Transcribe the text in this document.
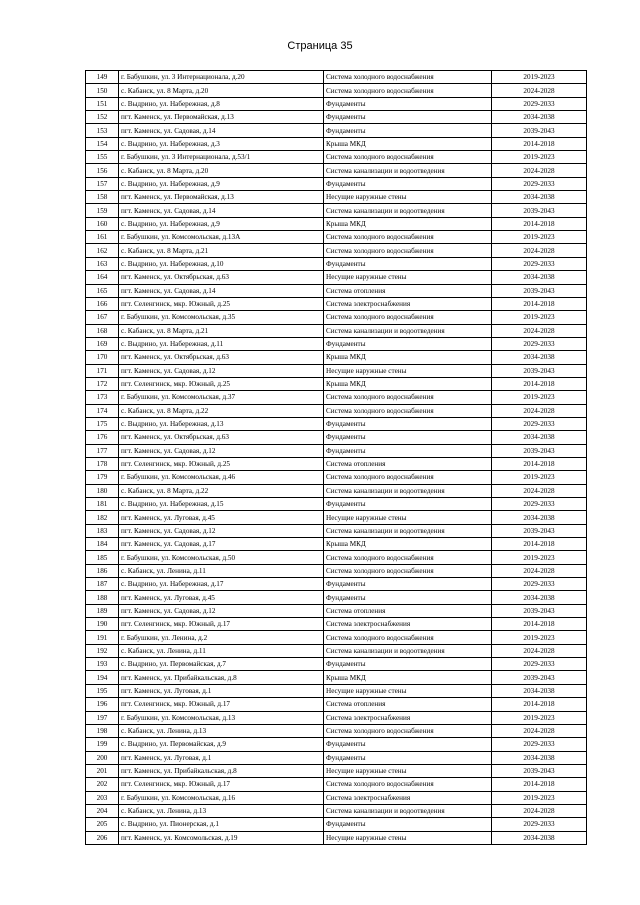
Страница 35
149	г. Бабушкин, ул. 3 Интернационала, д.20	Система холодного водоснабжения	2019-2023
150	с. Кабанск, ул. 8 Марта, д.20	Система холодного водоснабжения	2024-2028
151	с. Выдрино, ул. Набережная, д.8	Фундаменты	2029-2033
152	пгт. Каменск, ул. Первомайская, д.13	Фундаменты	2034-2038
153	пгт. Каменск, ул. Садовая, д.14	Фундаменты	2039-2043
154	с. Выдрино, ул. Набережная, д.3	Крыша МКД	2014-2018
155	г. Бабушкин, ул. 3 Интернационала, д.53/1	Система холодного водоснабжения	2019-2023
156	с. Кабанск, ул. 8 Марта, д.20	Система канализации и водоотведения	2024-2028
157	с. Выдрино, ул. Набережная, д.9	Фундаменты	2029-2033
158	пгт. Каменск, ул. Первомайская, д.13	Несущие наружные стены	2034-2038
159	пгт. Каменск, ул. Садовая, д.14	Система канализации и водоотведения	2039-2043
160	с. Выдрино, ул. Набережная, д.9	Крыша МКД	2014-2018
161	г. Бабушкин, ул. Комсомольская, д.13А	Система холодного водоснабжения	2019-2023
162	с. Кабанск, ул. 8 Марта, д.21	Система холодного водоснабжения	2024-2028
163	с. Выдрино, ул. Набережная, д.10	Фундаменты	2029-2033
164	пгт. Каменск, ул. Октябрьская, д.63	Несущие наружные стены	2034-2038
165	пгт. Каменск, ул. Садовая, д.14	Система отопления	2039-2043
166	пгт. Селенгинск, мкр. Южный, д.25	Система электроснабжения	2014-2018
167	г. Бабушкин, ул. Комсомольская, д.35	Система холодного водоснабжения	2019-2023
168	с. Кабанск, ул. 8 Марта, д.21	Система канализации и водоотведения	2024-2028
169	с. Выдрино, ул. Набережная, д.11	Фундаменты	2029-2033
170	пгт. Каменск, ул. Октябрьская, д.63	Крыша МКД	2034-2038
171	пгт. Каменск, ул. Садовая, д.12	Несущие наружные стены	2039-2043
172	пгт. Селенгинск, мкр. Южный, д.25	Крыша МКД	2014-2018
173	г. Бабушкин, ул. Комсомольская, д.37	Система холодного водоснабжения	2019-2023
174	с. Кабанск, ул. 8 Марта, д.22	Система холодного водоснабжения	2024-2028
175	с. Выдрино, ул. Набережная, д.13	Фундаменты	2029-2033
176	пгт. Каменск, ул. Октябрьская, д.63	Фундаменты	2034-2038
177	пгт. Каменск, ул. Садовая, д.12	Фундаменты	2039-2043
178	пгт. Селенгинск, мкр. Южный, д.25	Система отопления	2014-2018
179	г. Бабушкин, ул. Комсомольская, д.46	Система холодного водоснабжения	2019-2023
180	с. Кабанск, ул. 8 Марта, д.22	Система канализации и водоотведения	2024-2028
181	с. Выдрино, ул. Набережная, д.15	Фундаменты	2029-2033
182	пгт. Каменск, ул. Луговая, д.45	Несущие наружные стены	2034-2038
183	пгт. Каменск, ул. Садовая, д.12	Система канализации и водоотведения	2039-2043
184	пгт. Каменск, ул. Садовая, д.17	Крыша МКД	2014-2018
185	г. Бабушкин, ул. Комсомольская, д.50	Система холодного водоснабжения	2019-2023
186	с. Кабанск, ул. Ленина, д.11	Система холодного водоснабжения	2024-2028
187	с. Выдрино, ул. Набережная, д.17	Фундаменты	2029-2033
188	пгт. Каменск, ул. Луговая, д.45	Фундаменты	2034-2038
189	пгт. Каменск, ул. Садовая, д.12	Система отопления	2039-2043
190	пгт. Селенгинск, мкр. Южный, д.17	Система электроснабжения	2014-2018
191	г. Бабушкин, ул. Ленина, д.2	Система холодного водоснабжения	2019-2023
192	с. Кабанск, ул. Ленина, д.11	Система канализации и водоотведения	2024-2028
193	с. Выдрино, ул. Первомайская, д.7	Фундаменты	2029-2033
194	пгт. Каменск, ул. Прибайкальская, д.8	Крыша МКД	2039-2043
195	пгт. Каменск, ул. Луговая, д.1	Несущие наружные стены	2034-2038
196	пгт. Селенгинск, мкр. Южный, д.17	Система отопления	2014-2018
197	г. Бабушкин, ул. Комсомольская, д.13	Система электроснабжения	2019-2023
198	с. Кабанск, ул. Ленина, д.13	Система холодного водоснабжения	2024-2028
199	с. Выдрино, ул. Первомайская, д.9	Фундаменты	2029-2033
200	пгт. Каменск, ул. Луговая, д.1	Фундаменты	2034-2038
201	пгт. Каменск, ул. Прибайкальская, д.8	Несущие наружные стены	2039-2043
202	пгт. Селенгинск, мкр. Южный, д.17	Система холодного водоснабжения	2014-2018
203	г. Бабушкин, ул. Комсомольская, д.16	Система электроснабжения	2019-2023
204	с. Кабанск, ул. Ленина, д.13	Система канализации и водоотведения	2024-2028
205	с. Выдрино, ул. Пионерская, д.1	Фундаменты	2029-2033
206	пгт. Каменск, ул. Комсомольская, д.19	Несущие наружные стены	2034-2038
